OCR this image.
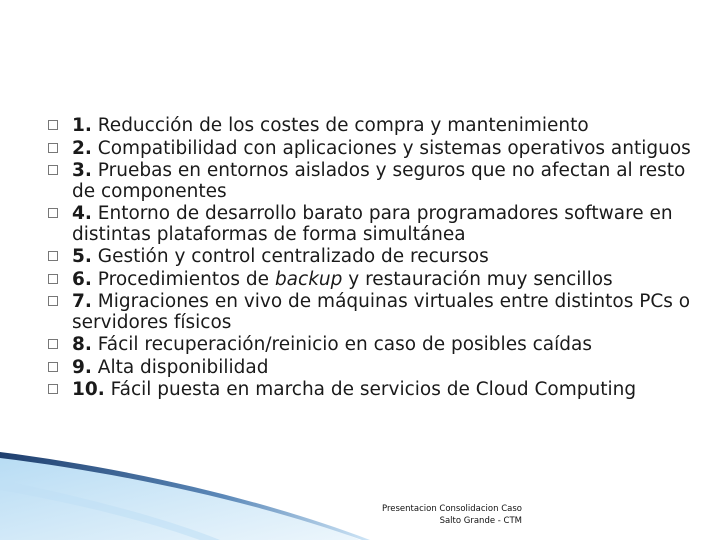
1. Reducción de los costes de compra y mantenimiento
2. Compatibilidad con aplicaciones y sistemas operativos antiguos
3. Pruebas en entornos aislados y seguros que no afectan al resto de componentes
4. Entorno de desarrollo barato para programadores software en distintas plataformas de forma simultánea
5. Gestión y control centralizado de recursos
6. Procedimientos de backup y restauración muy sencillos
7. Migraciones en vivo de máquinas virtuales entre distintos PCs o servidores físicos
8. Fácil recuperación/reinicio en caso de posibles caídas
9. Alta disponibilidad
10. Fácil puesta en marcha de servicios de Cloud Computing
Presentacion Consolidacion Caso
Salto Grande - CTM
